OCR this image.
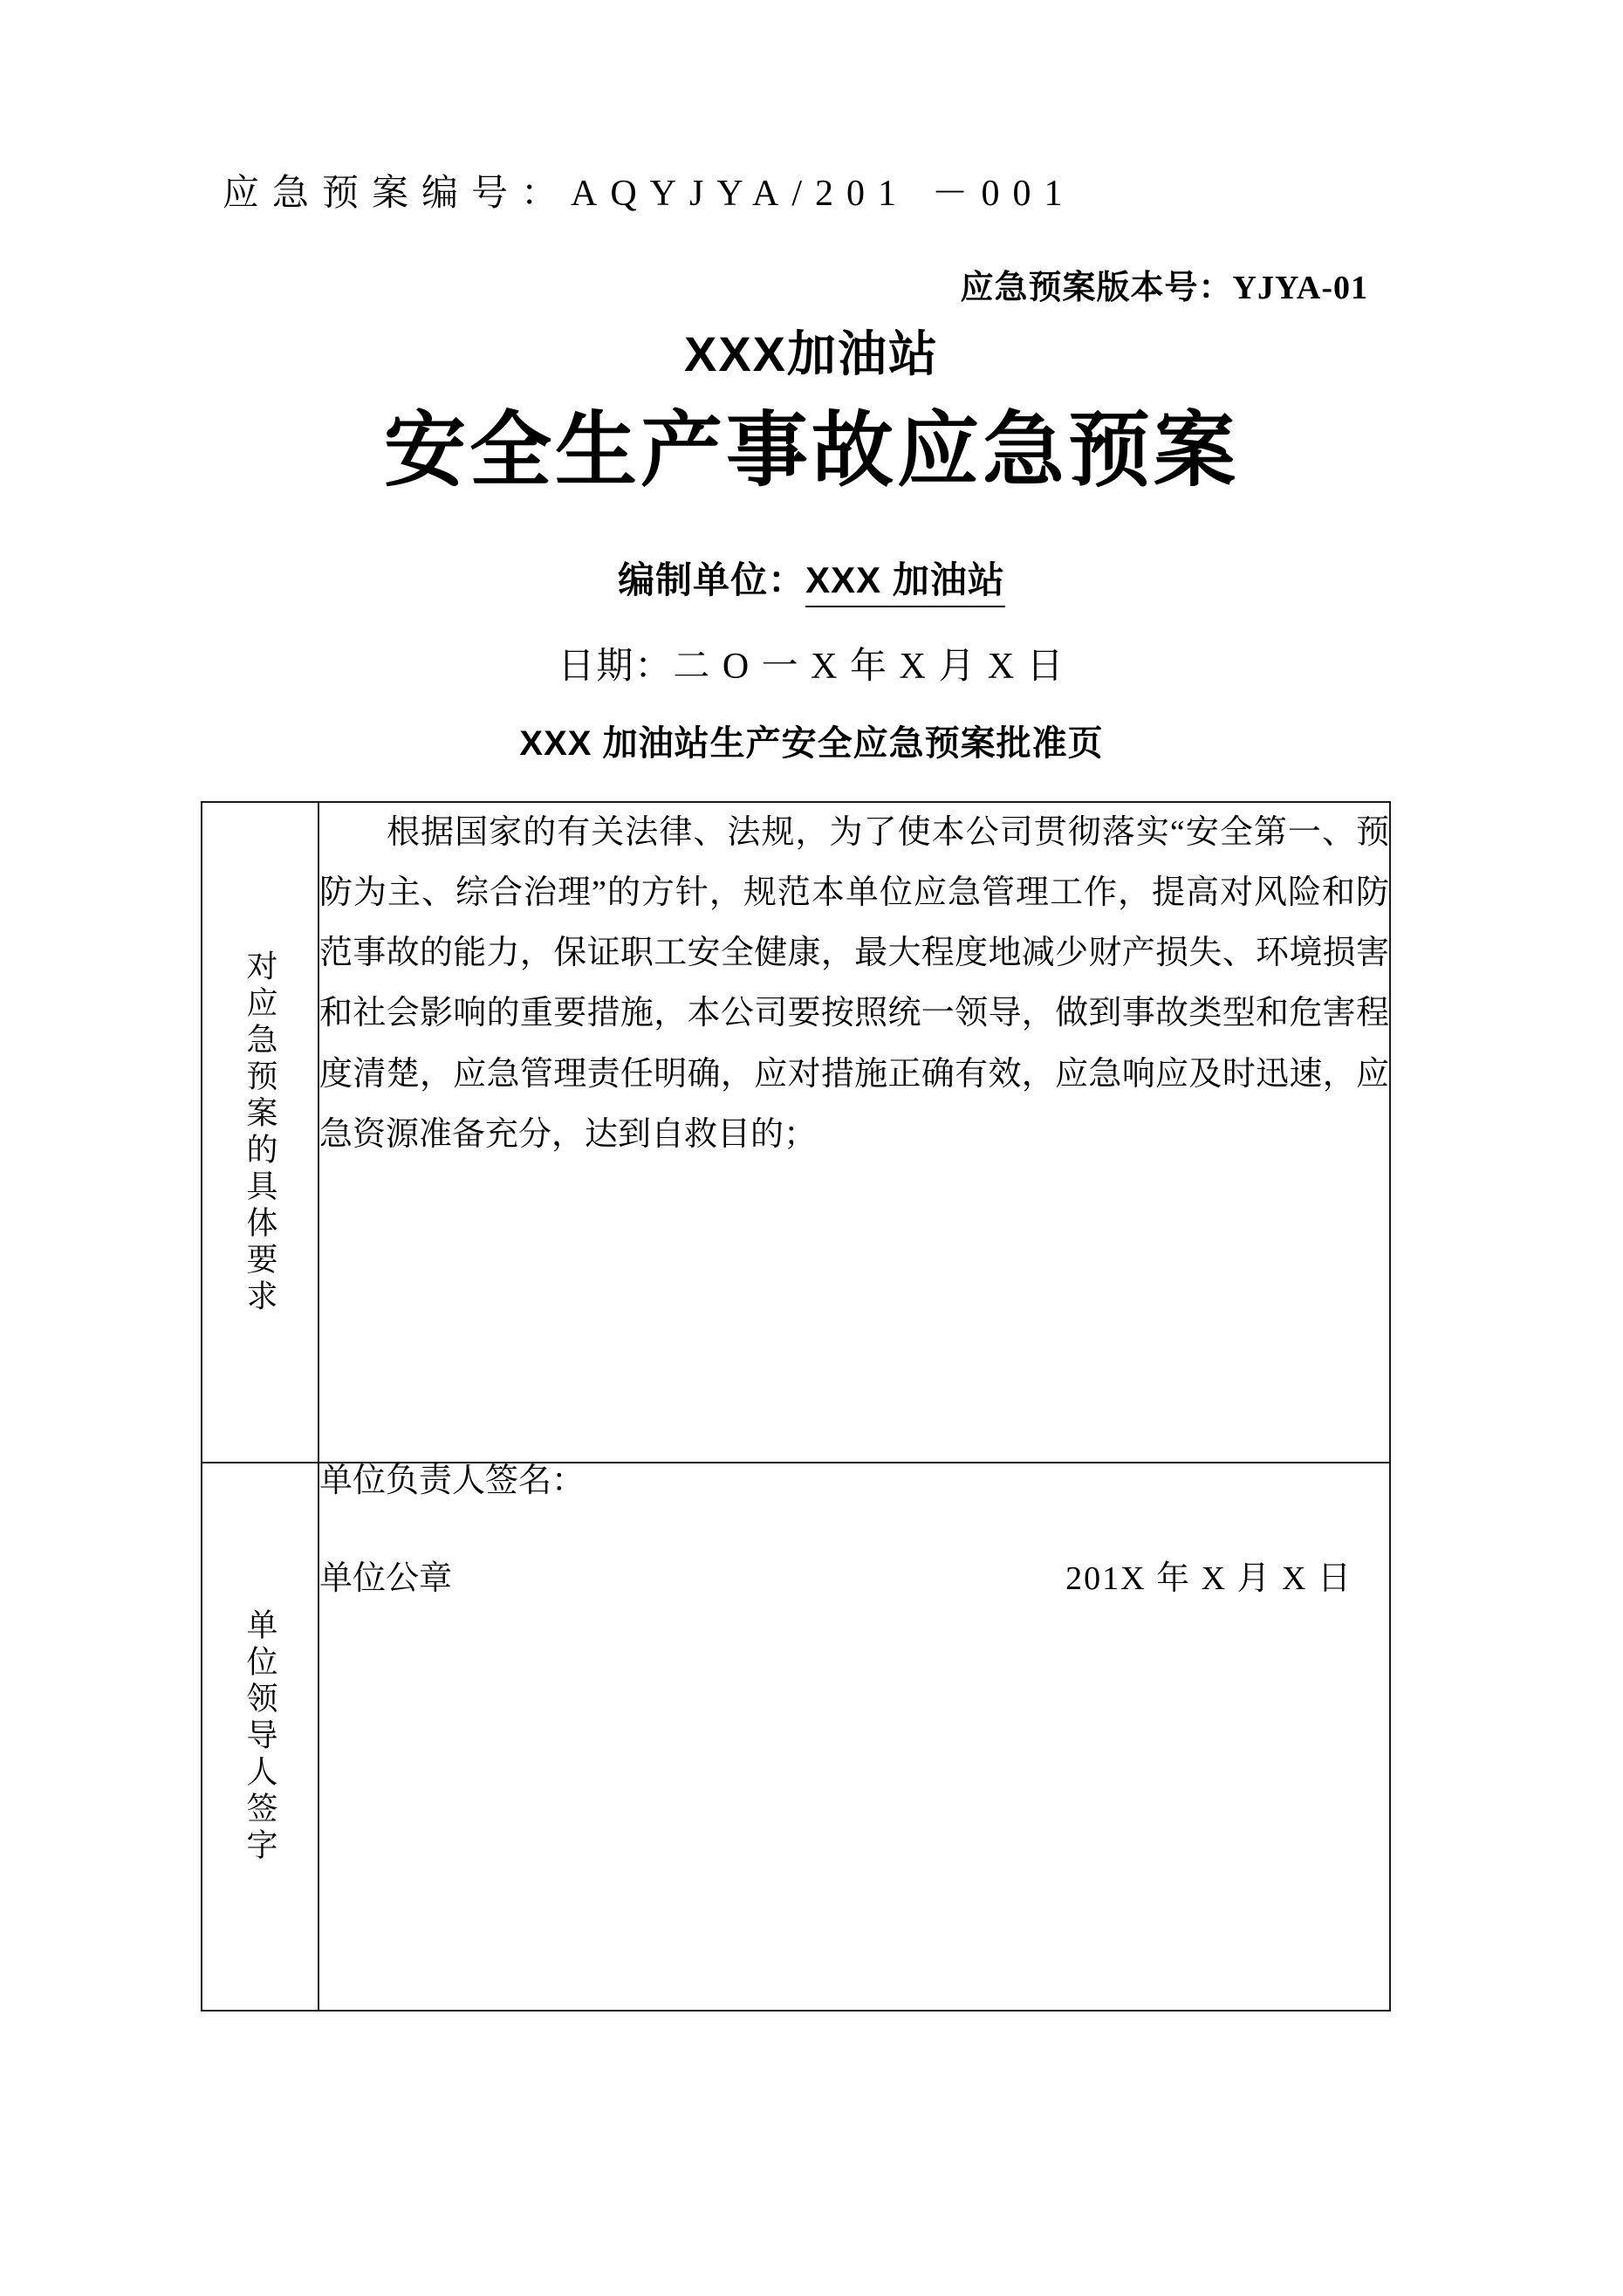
应急预案编号：AQYJYA/201 －001
应急预案版本号：YJYA-01
XXX加油站
安全生产事故应急预案
编制单位：XXX 加油站
日期：二 O 一 X 年 X 月 X 日
XXX 加油站生产安全应急预案批准页
对应急预案的具体要求	根据国家的有关法律、法规，为了使本公司贯彻落实“安全第一、预防为主、综合治理”的方针，规范本单位应急管理工作，提高对风险和防范事故的能力，保证职工安全健康，最大程度地减少财产损失、环境损害和社会影响的重要措施，本公司要按照统一领导，做到事故类型和危害程度清楚，应急管理责任明确，应对措施正确有效，应急响应及时迅速，应急资源准备充分，达到自救目的；

单位领导人签字	单位负责人签名：
单位公章 201X 年 X 月 X 日
